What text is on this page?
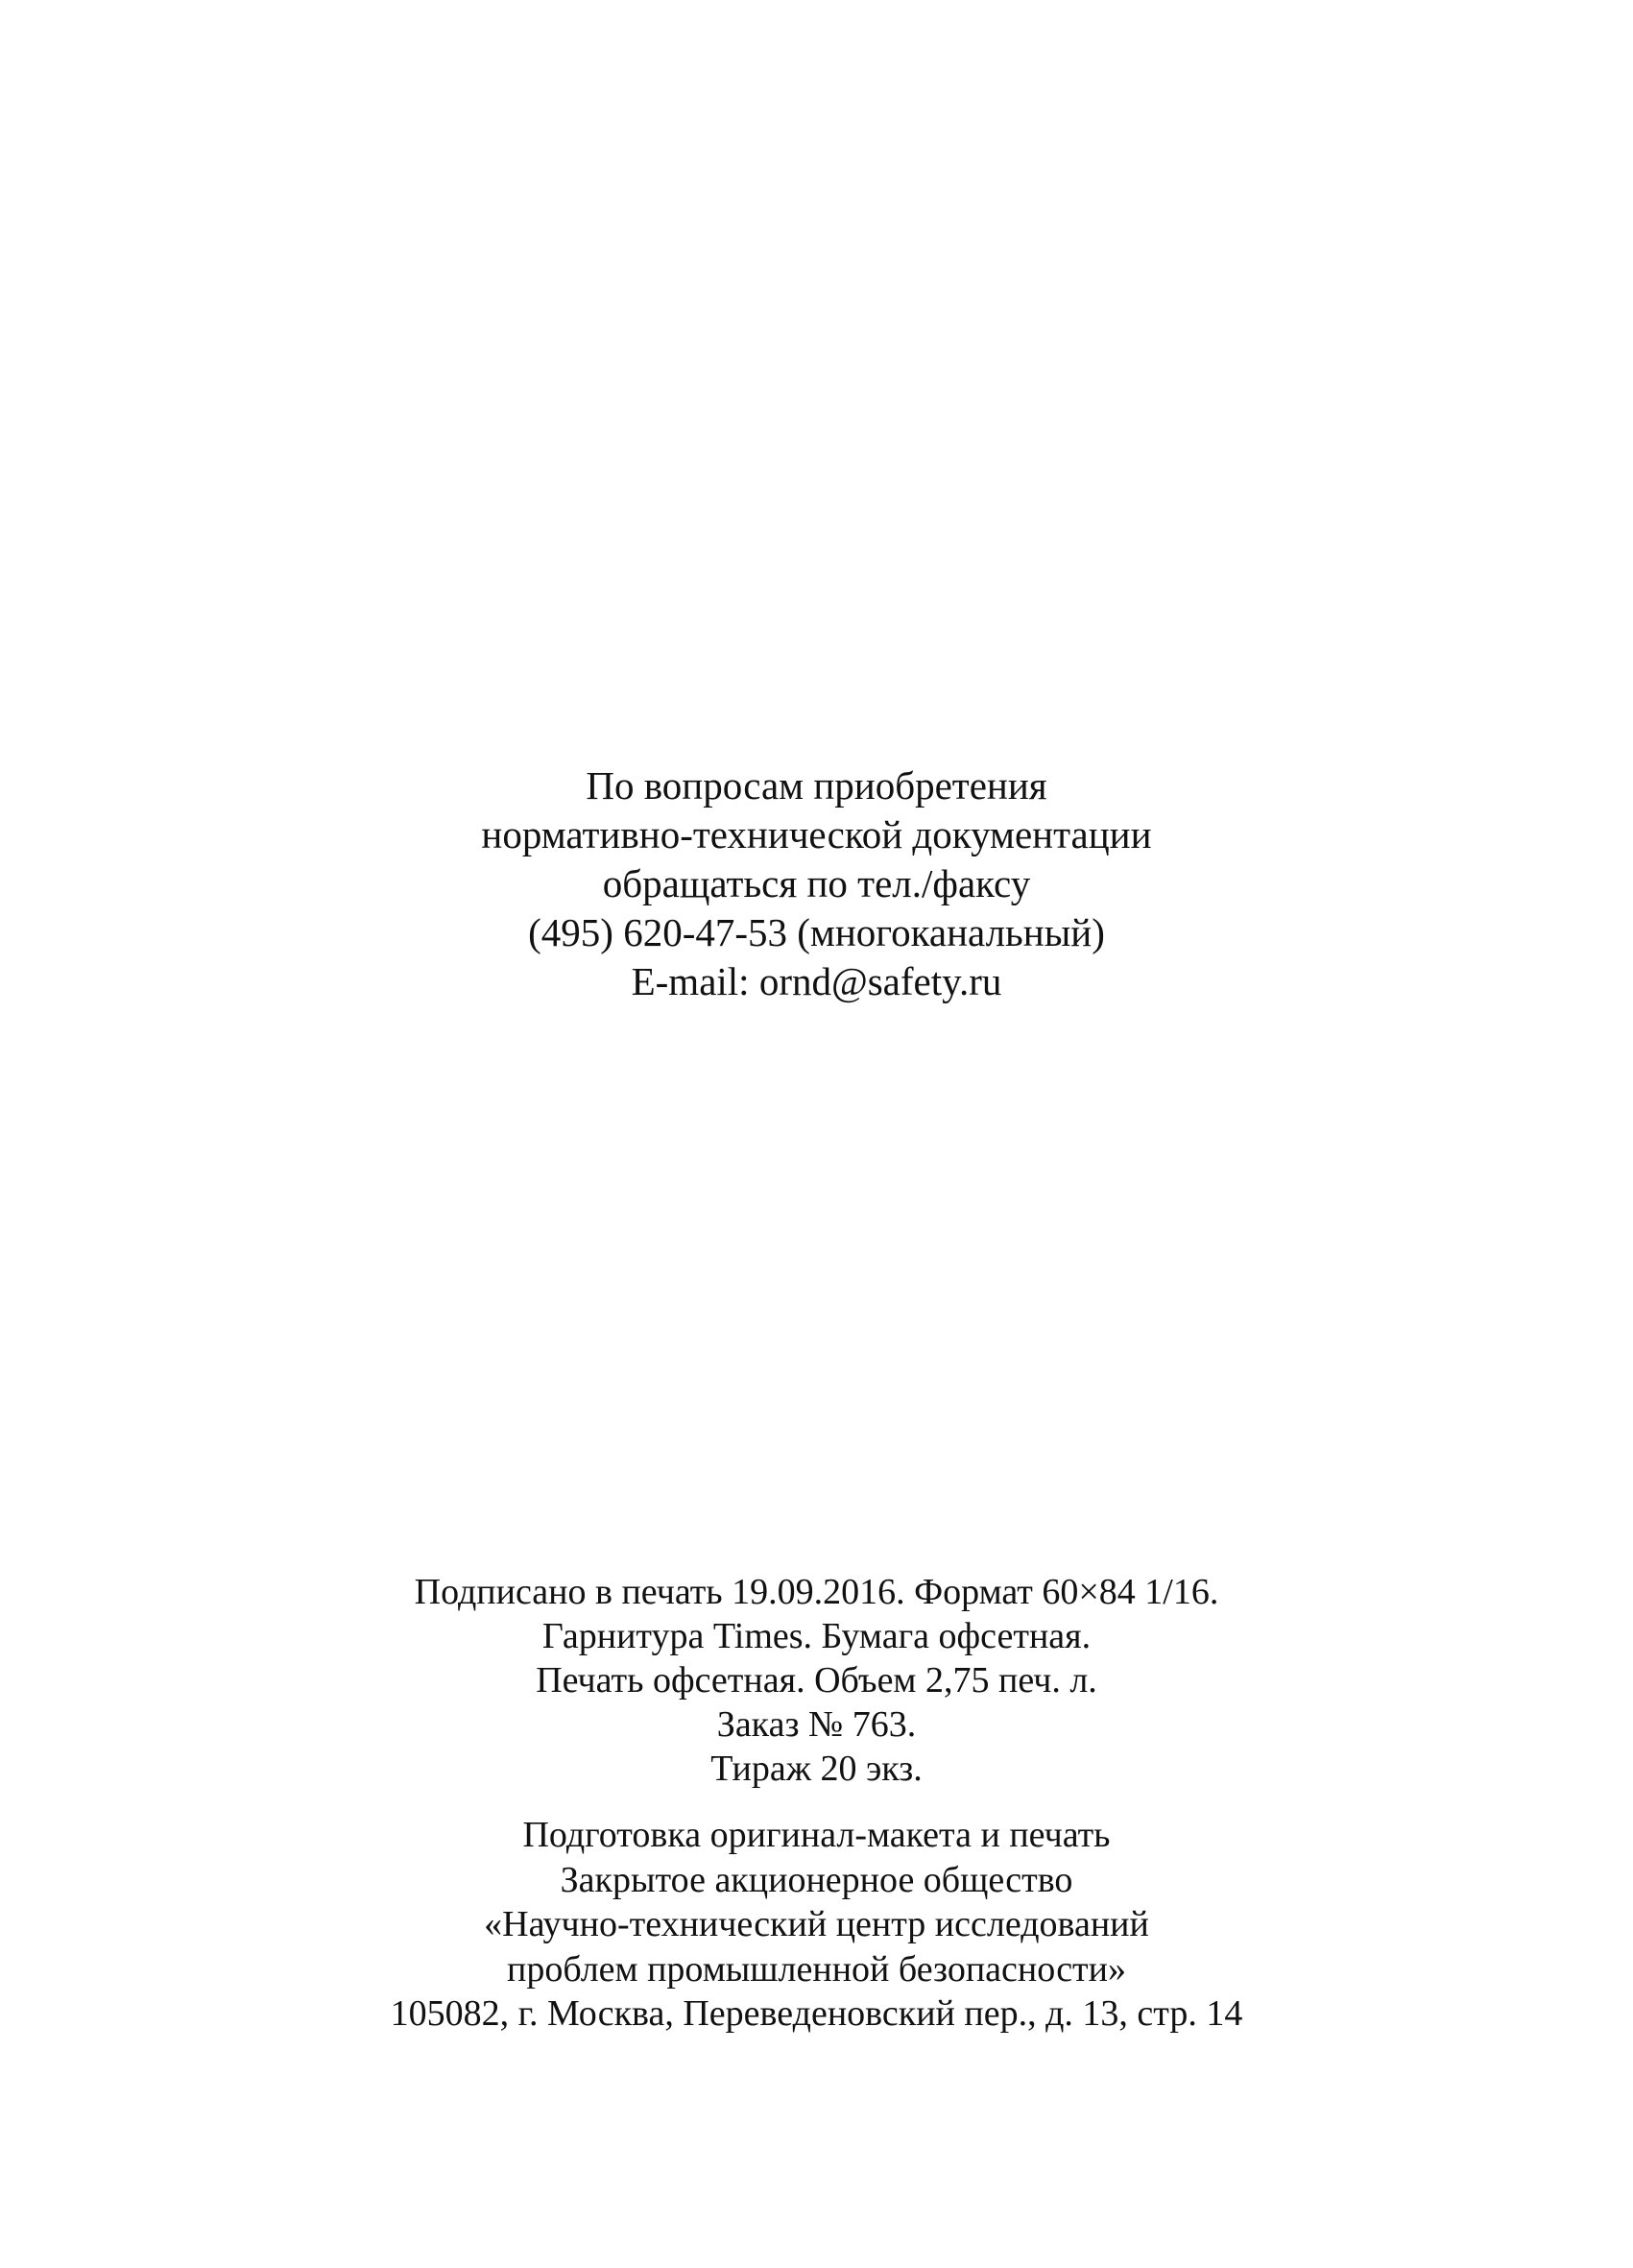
По вопросам приобретения
нормативно-технической документации
обращаться по тел./факсу
(495) 620-47-53 (многоканальный)
E-mail: ornd@safety.ru
Подписано в печать 19.09.2016. Формат 60×84 1/16.
Гарнитура Times. Бумага офсетная.
Печать офсетная. Объем 2,75 печ. л.
Заказ № 763.
Тираж 20 экз.
Подготовка оригинал-макета и печать
Закрытое акционерное общество
«Научно-технический центр исследований
проблем промышленной безопасности»
105082, г. Москва, Переведеновский пер., д. 13, стр. 14
